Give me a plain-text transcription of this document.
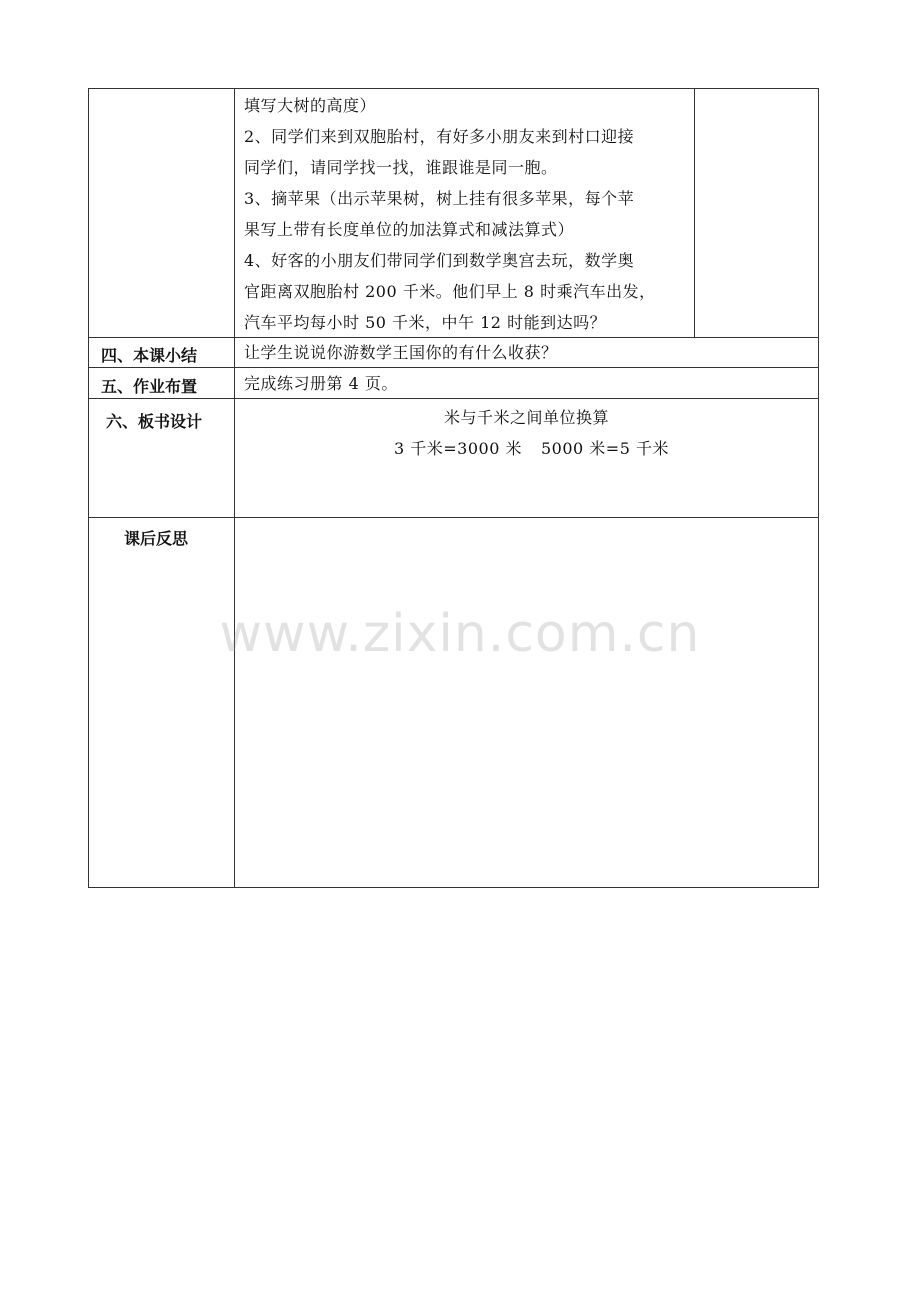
填写大树的高度）
2、同学们来到双胞胎村，有好多小朋友来到村口迎接
同学们，请同学找一找，谁跟谁是同一胞。
3、摘苹果（出示苹果树，树上挂有很多苹果，每个苹
果写上带有长度单位的加法算式和减法算式）
4、好客的小朋友们带同学们到数学奥宫去玩，数学奥
官距离双胞胎村 200 千米。他们早上 8 时乘汽车出发，
汽车平均每小时 50 千米，中午 12 时能到达吗？
四、本课小结	让学生说说你游数学王国你的有什么收获？
五、作业布置	完成练习册第 4 页。
六、板书设计	米与千米之间单位换算
3 千米=3000 米 5000 米=5 千米
课后反思
www.zixin.com.cn
